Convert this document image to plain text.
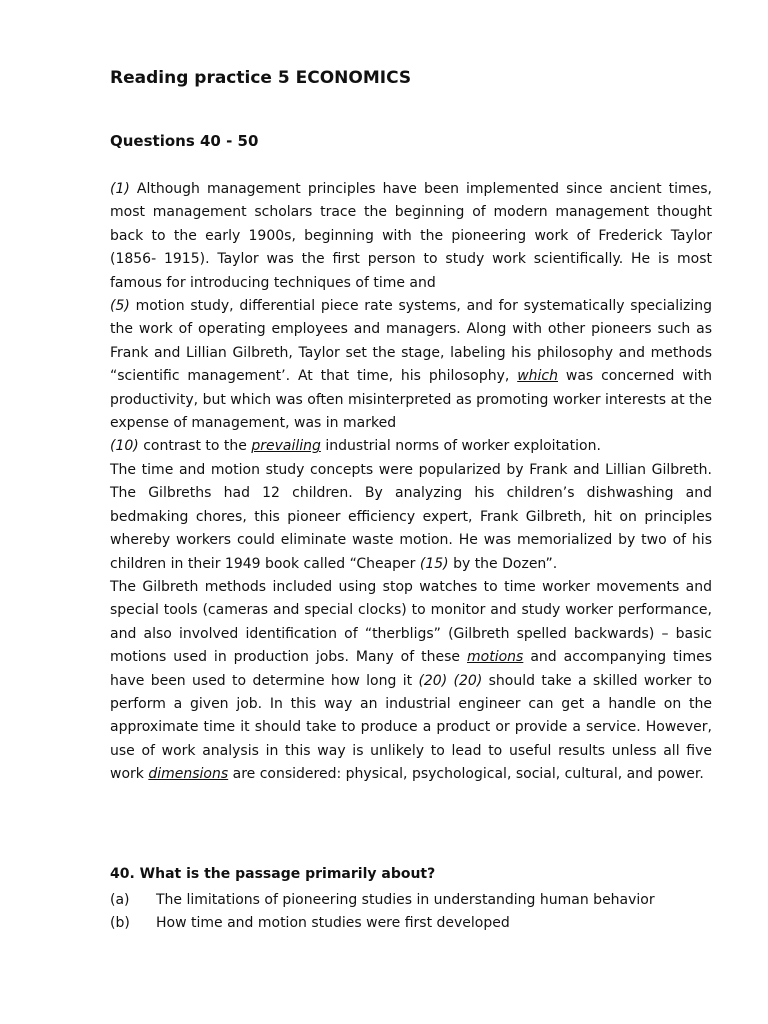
Reading practice 5 ECONOMICS
Questions 40 - 50

(1) Although management principles have been implemented since ancient times, most management scholars trace the beginning of modern management thought back to the early 1900s, beginning with the pioneering work of Frederick Taylor (1856- 1915). Taylor was the first person to study work scientifically. He is most famous for introducing techniques of time and
(5) motion study, differential piece rate systems, and for systematically specializing the work of operating employees and managers. Along with other pioneers such as Frank and Lillian Gilbreth, Taylor set the stage, labeling his philosophy and methods “scientific management’. At that time, his philosophy, which was concerned with productivity, but which was often misinterpreted as promoting worker interests at the expense of management, was in marked
(10) contrast to the prevailing industrial norms of worker exploitation.

The time and motion study concepts were popularized by Frank and Lillian Gilbreth. The Gilbreths had 12 children. By analyzing his children’s dishwashing and bedmaking chores, this pioneer efficiency expert, Frank Gilbreth, hit on principles whereby workers could eliminate waste motion. He was memorialized by two of his children in their 1949 book called “Cheaper (15) by the Dozen”.

The Gilbreth methods included using stop watches to time worker movements and special tools (cameras and special clocks) to monitor and study worker performance, and also involved identification of “therbligs” (Gilbreth spelled backwards) – basic motions used in production jobs. Many of these motions and accompanying times have been used to determine how long it (20) (20) should take a skilled worker to perform a given job. In this way an industrial engineer can get a handle on the approximate time it should take to produce a product or provide a service. However, use of work analysis in this way is unlikely to lead to useful results unless all five work dimensions are considered: physical, psychological, social, cultural, and power.

40. What is the passage primarily about?

(a)	The limitations of pioneering studies in understanding human behavior
(b)	How time and motion studies were first developed
